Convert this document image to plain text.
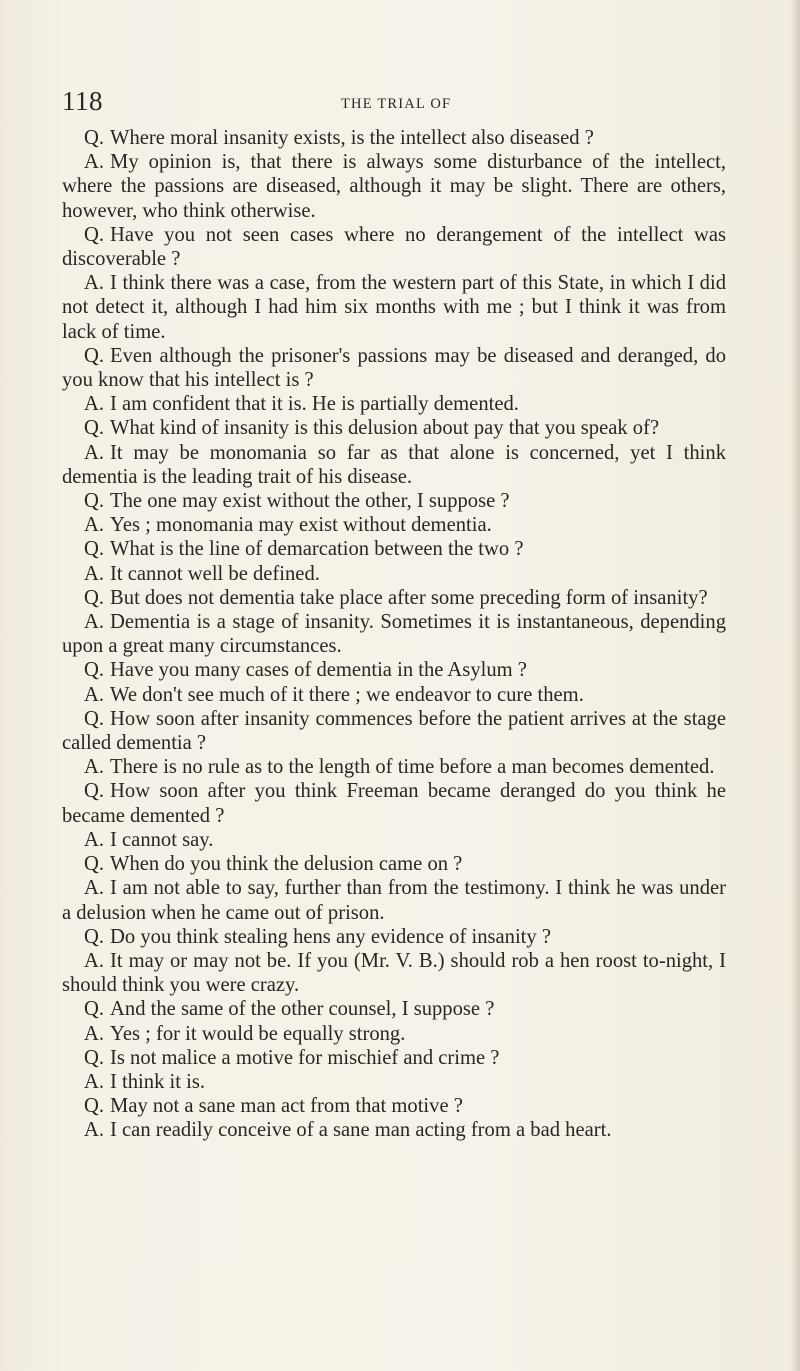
118	THE TRIAL OF

Q. Where moral insanity exists, is the intellect also diseased ?

A. My opinion is, that there is always some disturbance of the intellect, where the passions are diseased, although it may be slight. There are others, however, who think otherwise.

Q. Have you not seen cases where no derangement of the intellect was discoverable ?

A. I think there was a case, from the western part of this State, in which I did not detect it, although I had him six months with me ; but I think it was from lack of time.

Q. Even although the prisoner's passions may be diseased and deranged, do you know that his intellect is ?

A. I am confident that it is. He is partially demented.

Q. What kind of insanity is this delusion about pay that you speak of?

A. It may be monomania so far as that alone is concerned, yet I think dementia is the leading trait of his disease.

Q. The one may exist without the other, I suppose ?

A. Yes ; monomania may exist without dementia.

Q. What is the line of demarcation between the two ?

A. It cannot well be defined.

Q. But does not dementia take place after some preceding form of insanity?

A. Dementia is a stage of insanity. Sometimes it is instantaneous, depending upon a great many circumstances.

Q. Have you many cases of dementia in the Asylum ?

A. We don't see much of it there ; we endeavor to cure them.

Q. How soon after insanity commences before the patient arrives at the stage called dementia ?

A. There is no rule as to the length of time before a man becomes demented.

Q. How soon after you think Freeman became deranged do you think he became demented ?

A. I cannot say.

Q. When do you think the delusion came on ?

A. I am not able to say, further than from the testimony. I think he was under a delusion when he came out of prison.

Q. Do you think stealing hens any evidence of insanity ?

A. It may or may not be. If you (Mr. V. B.) should rob a hen roost to-night, I should think you were crazy.

Q. And the same of the other counsel, I suppose ?

A. Yes ; for it would be equally strong.

Q. Is not malice a motive for mischief and crime ?

A. I think it is.

Q. May not a sane man act from that motive ?

A. I can readily conceive of a sane man acting from a bad heart.
